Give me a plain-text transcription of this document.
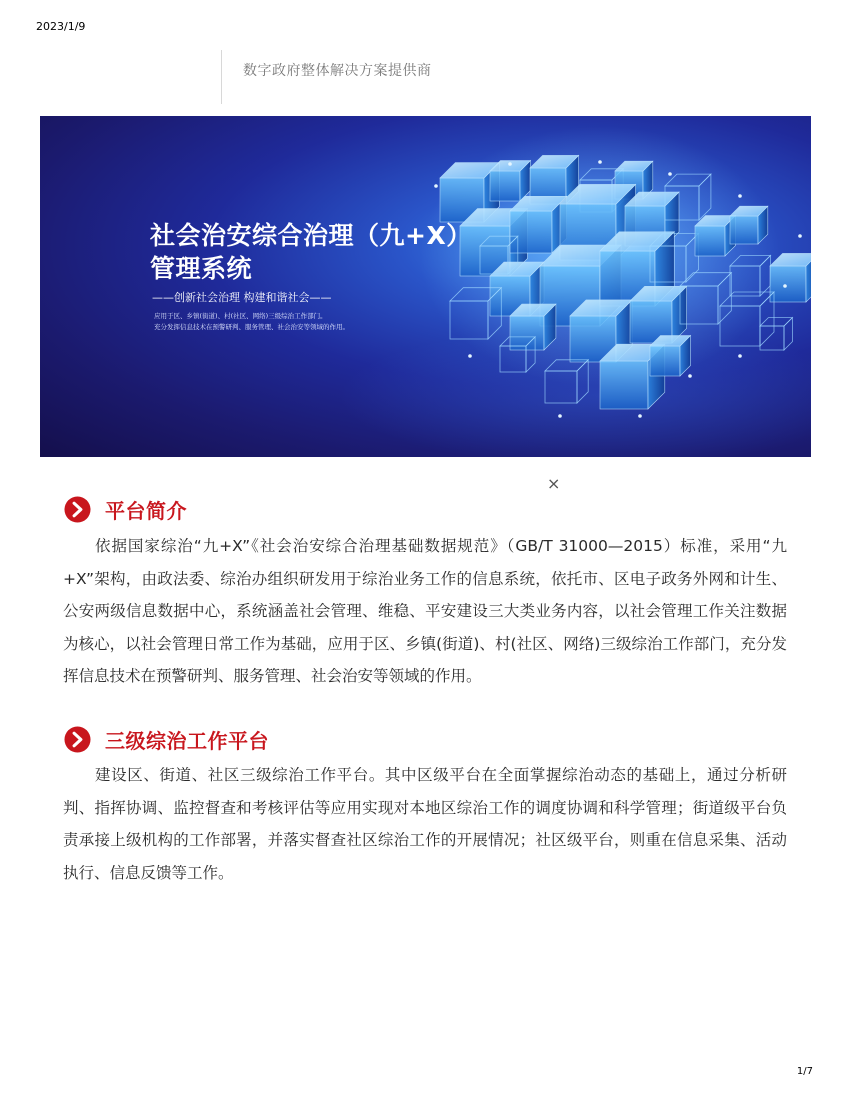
2023/1/9
数字政府整体解决方案提供商
社会治安综合治理（九+X）
管理系统
——创新社会治理 构建和谐社会——
应用于区、乡镇(街道)、村(社区、网络)三级综治工作部门。
充分发挥信息技术在预警研判、服务管理、社会治安等领域的作用。
×
平台简介

依据国家综治“九+X”《社会治安综合治理基础数据规范》（GB/T 31000—2015）标准，采用“九+X”架构，由政法委、综治办组织研发用于综治业务工作的信息系统，依托市、区电子政务外网和计生、公安两级信息数据中心，系统涵盖社会管理、维稳、平安建设三大类业务内容，以社会管理工作关注数据为核心，以社会管理日常工作为基础，应用于区、乡镇(街道)、村(社区、网络)三级综治工作部门，充分发挥信息技术在预警研判、服务管理、社会治安等领域的作用。

三级综治工作平台

建设区、街道、社区三级综治工作平台。其中区级平台在全面掌握综治动态的基础上，通过分析研判、指挥协调、监控督查和考核评估等应用实现对本地区综治工作的调度协调和科学管理；街道级平台负责承接上级机构的工作部署，并落实督查社区综治工作的开展情况；社区级平台，则重在信息采集、活动执行、信息反馈等工作。

1/7
